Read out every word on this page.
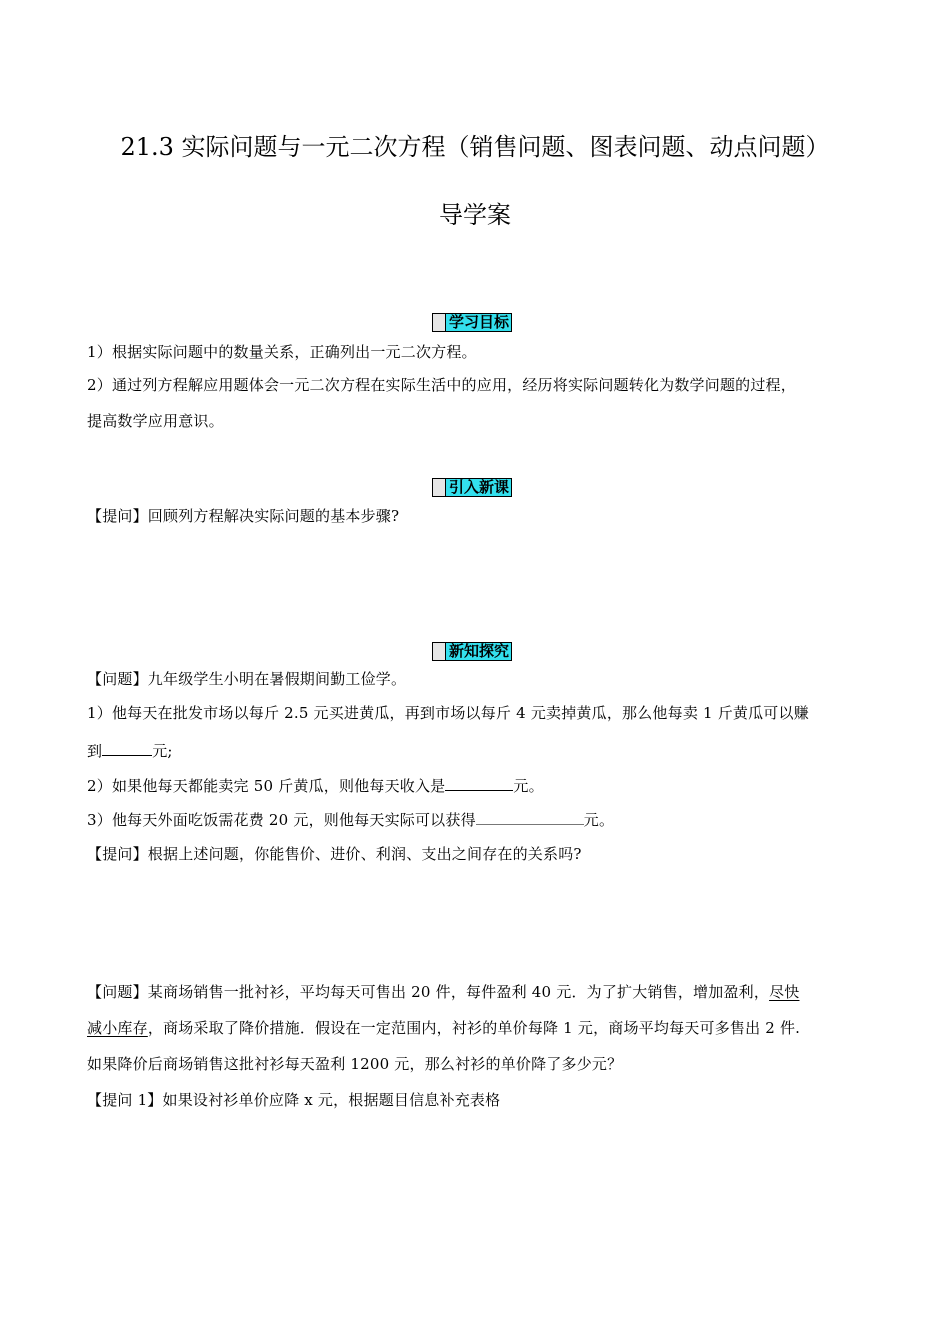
21.3 实际问题与一元二次方程（销售问题、图表问题、动点问题）
导学案
学习目标
1）根据实际问题中的数量关系，正确列出一元二次方程。
2）通过列方程解应用题体会一元二次方程在实际生活中的应用，经历将实际问题转化为数学问题的过程，
提高数学应用意识。
引入新课
【提问】回顾列方程解决实际问题的基本步骤?
新知探究
【问题】九年级学生小明在暑假期间勤工俭学。
1）他每天在批发市场以每斤 2.5 元买进黄瓜，再到市场以每斤 4 元卖掉黄瓜，那么他每卖 1 斤黄瓜可以赚
到	元;
2）如果他每天都能卖完 50 斤黄瓜，则他每天收入是	元。
3）他每天外面吃饭需花费 20 元，则他每天实际可以获得	元。
【提问】根据上述问题，你能售价、进价、利润、支出之间存在的关系吗?
【问题】某商场销售一批衬衫，平均每天可售出 20 件，每件盈利 40 元．为了扩大销售，增加盈利，尽快
减小库存，商场采取了降价措施．假设在一定范围内，衬衫的单价每降 1 元，商场平均每天可多售出 2 件.
如果降价后商场销售这批衬衫每天盈利 1200 元，那么衬衫的单价降了多少元？
【提问 1】如果设衬衫单价应降 x 元，根据题目信息补充表格
